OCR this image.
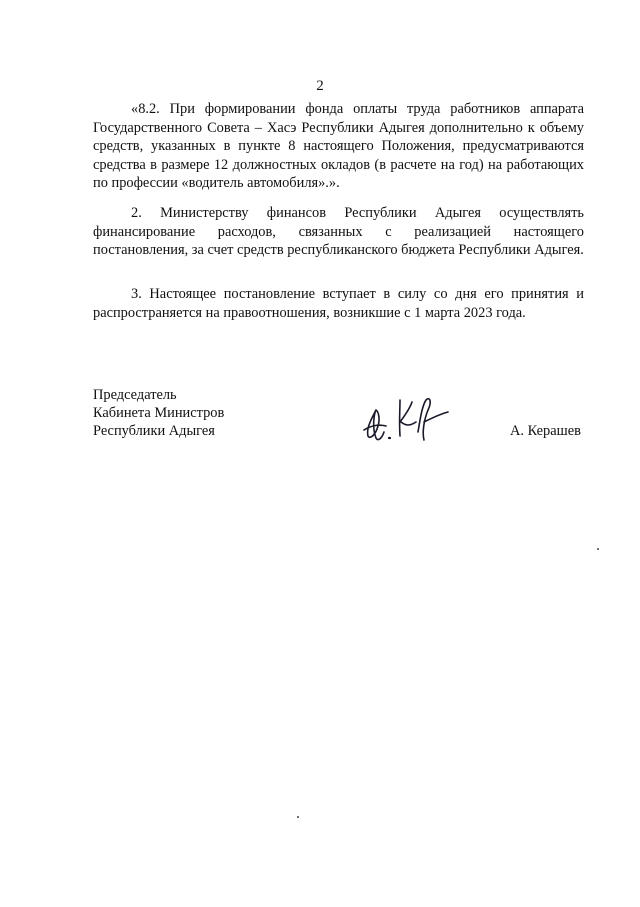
2

«8.2. При формировании фонда оплаты труда работников аппарата Государственного Совета – Хасэ Республики Адыгея дополнительно к объему средств, указанных в пункте 8 настоящего Положения, предусматриваются средства в размере 12 должностных окладов (в расчете на год) на работающих по профессии «водитель автомобиля».».

2. Министерству финансов Республики Адыгея осуществлять финансирование расходов, связанных с реализацией настоящего постановления, за счет средств республиканского бюджета Республики Адыгея.

3. Настоящее постановление вступает в силу со дня его принятия и распространяется на правоотношения, возникшие с 1 марта 2023 года.

Председатель
Кабинета Министров
Республики Адыгея	А. Керашев
